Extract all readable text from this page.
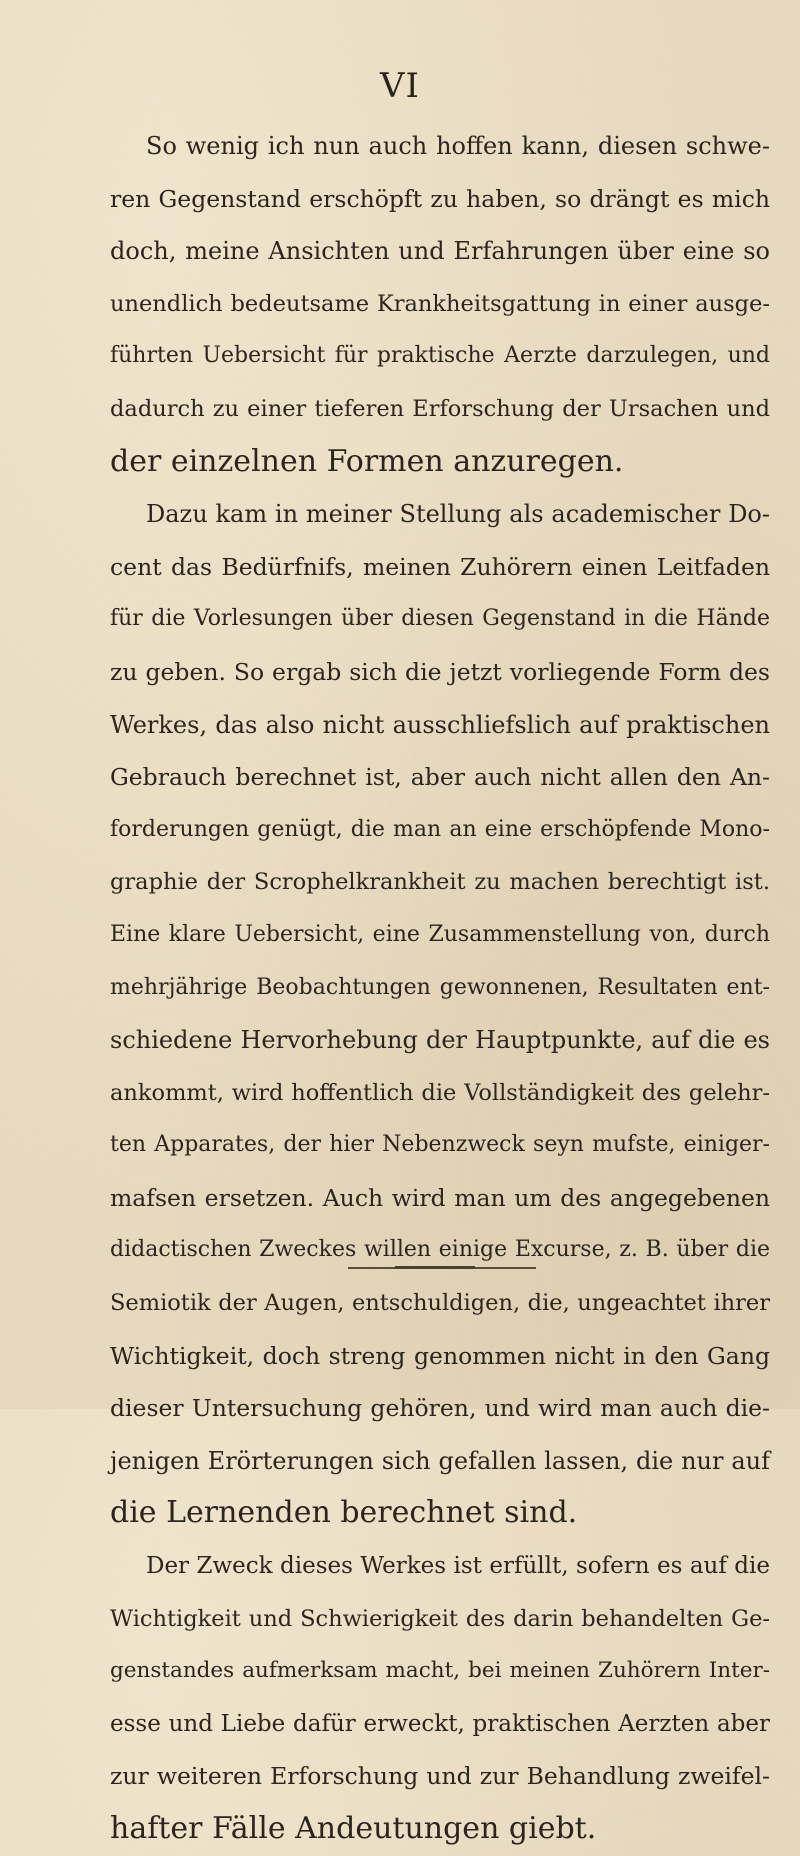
VI
So wenig ich nun auch hoffen kann, diesen schwe-
ren Gegenstand erschöpft zu haben, so drängt es mich
doch, meine Ansichten und Erfahrungen über eine so
unendlich bedeutsame Krankheitsgattung in einer ausge-
führten Uebersicht für praktische Aerzte darzulegen, und
dadurch zu einer tieferen Erforschung der Ursachen und
der einzelnen Formen anzuregen.
Dazu kam in meiner Stellung als academischer Do-
cent das Bedürfnifs, meinen Zuhörern einen Leitfaden
für die Vorlesungen über diesen Gegenstand in die Hände
zu geben. So ergab sich die jetzt vorliegende Form des
Werkes, das also nicht ausschliefslich auf praktischen
Gebrauch berechnet ist, aber auch nicht allen den An-
forderungen genügt, die man an eine erschöpfende Mono-
graphie der Scrophelkrankheit zu machen berechtigt ist.
Eine klare Uebersicht, eine Zusammenstellung von, durch
mehrjährige Beobachtungen gewonnenen, Resultaten ent-
schiedene Hervorhebung der Hauptpunkte, auf die es
ankommt, wird hoffentlich die Vollständigkeit des gelehr-
ten Apparates, der hier Nebenzweck seyn mufste, einiger-
mafsen ersetzen. Auch wird man um des angegebenen
didactischen Zweckes willen einige Excurse, z. B. über die
Semiotik der Augen, entschuldigen, die, ungeachtet ihrer
Wichtigkeit, doch streng genommen nicht in den Gang
dieser Untersuchung gehören, und wird man auch die-
jenigen Erörterungen sich gefallen lassen, die nur auf
die Lernenden berechnet sind.
Der Zweck dieses Werkes ist erfüllt, sofern es auf die
Wichtigkeit und Schwierigkeit des darin behandelten Ge-
genstandes aufmerksam macht, bei meinen Zuhörern Inter-
esse und Liebe dafür erweckt, praktischen Aerzten aber
zur weiteren Erforschung und zur Behandlung zweifel-
hafter Fälle Andeutungen giebt.
